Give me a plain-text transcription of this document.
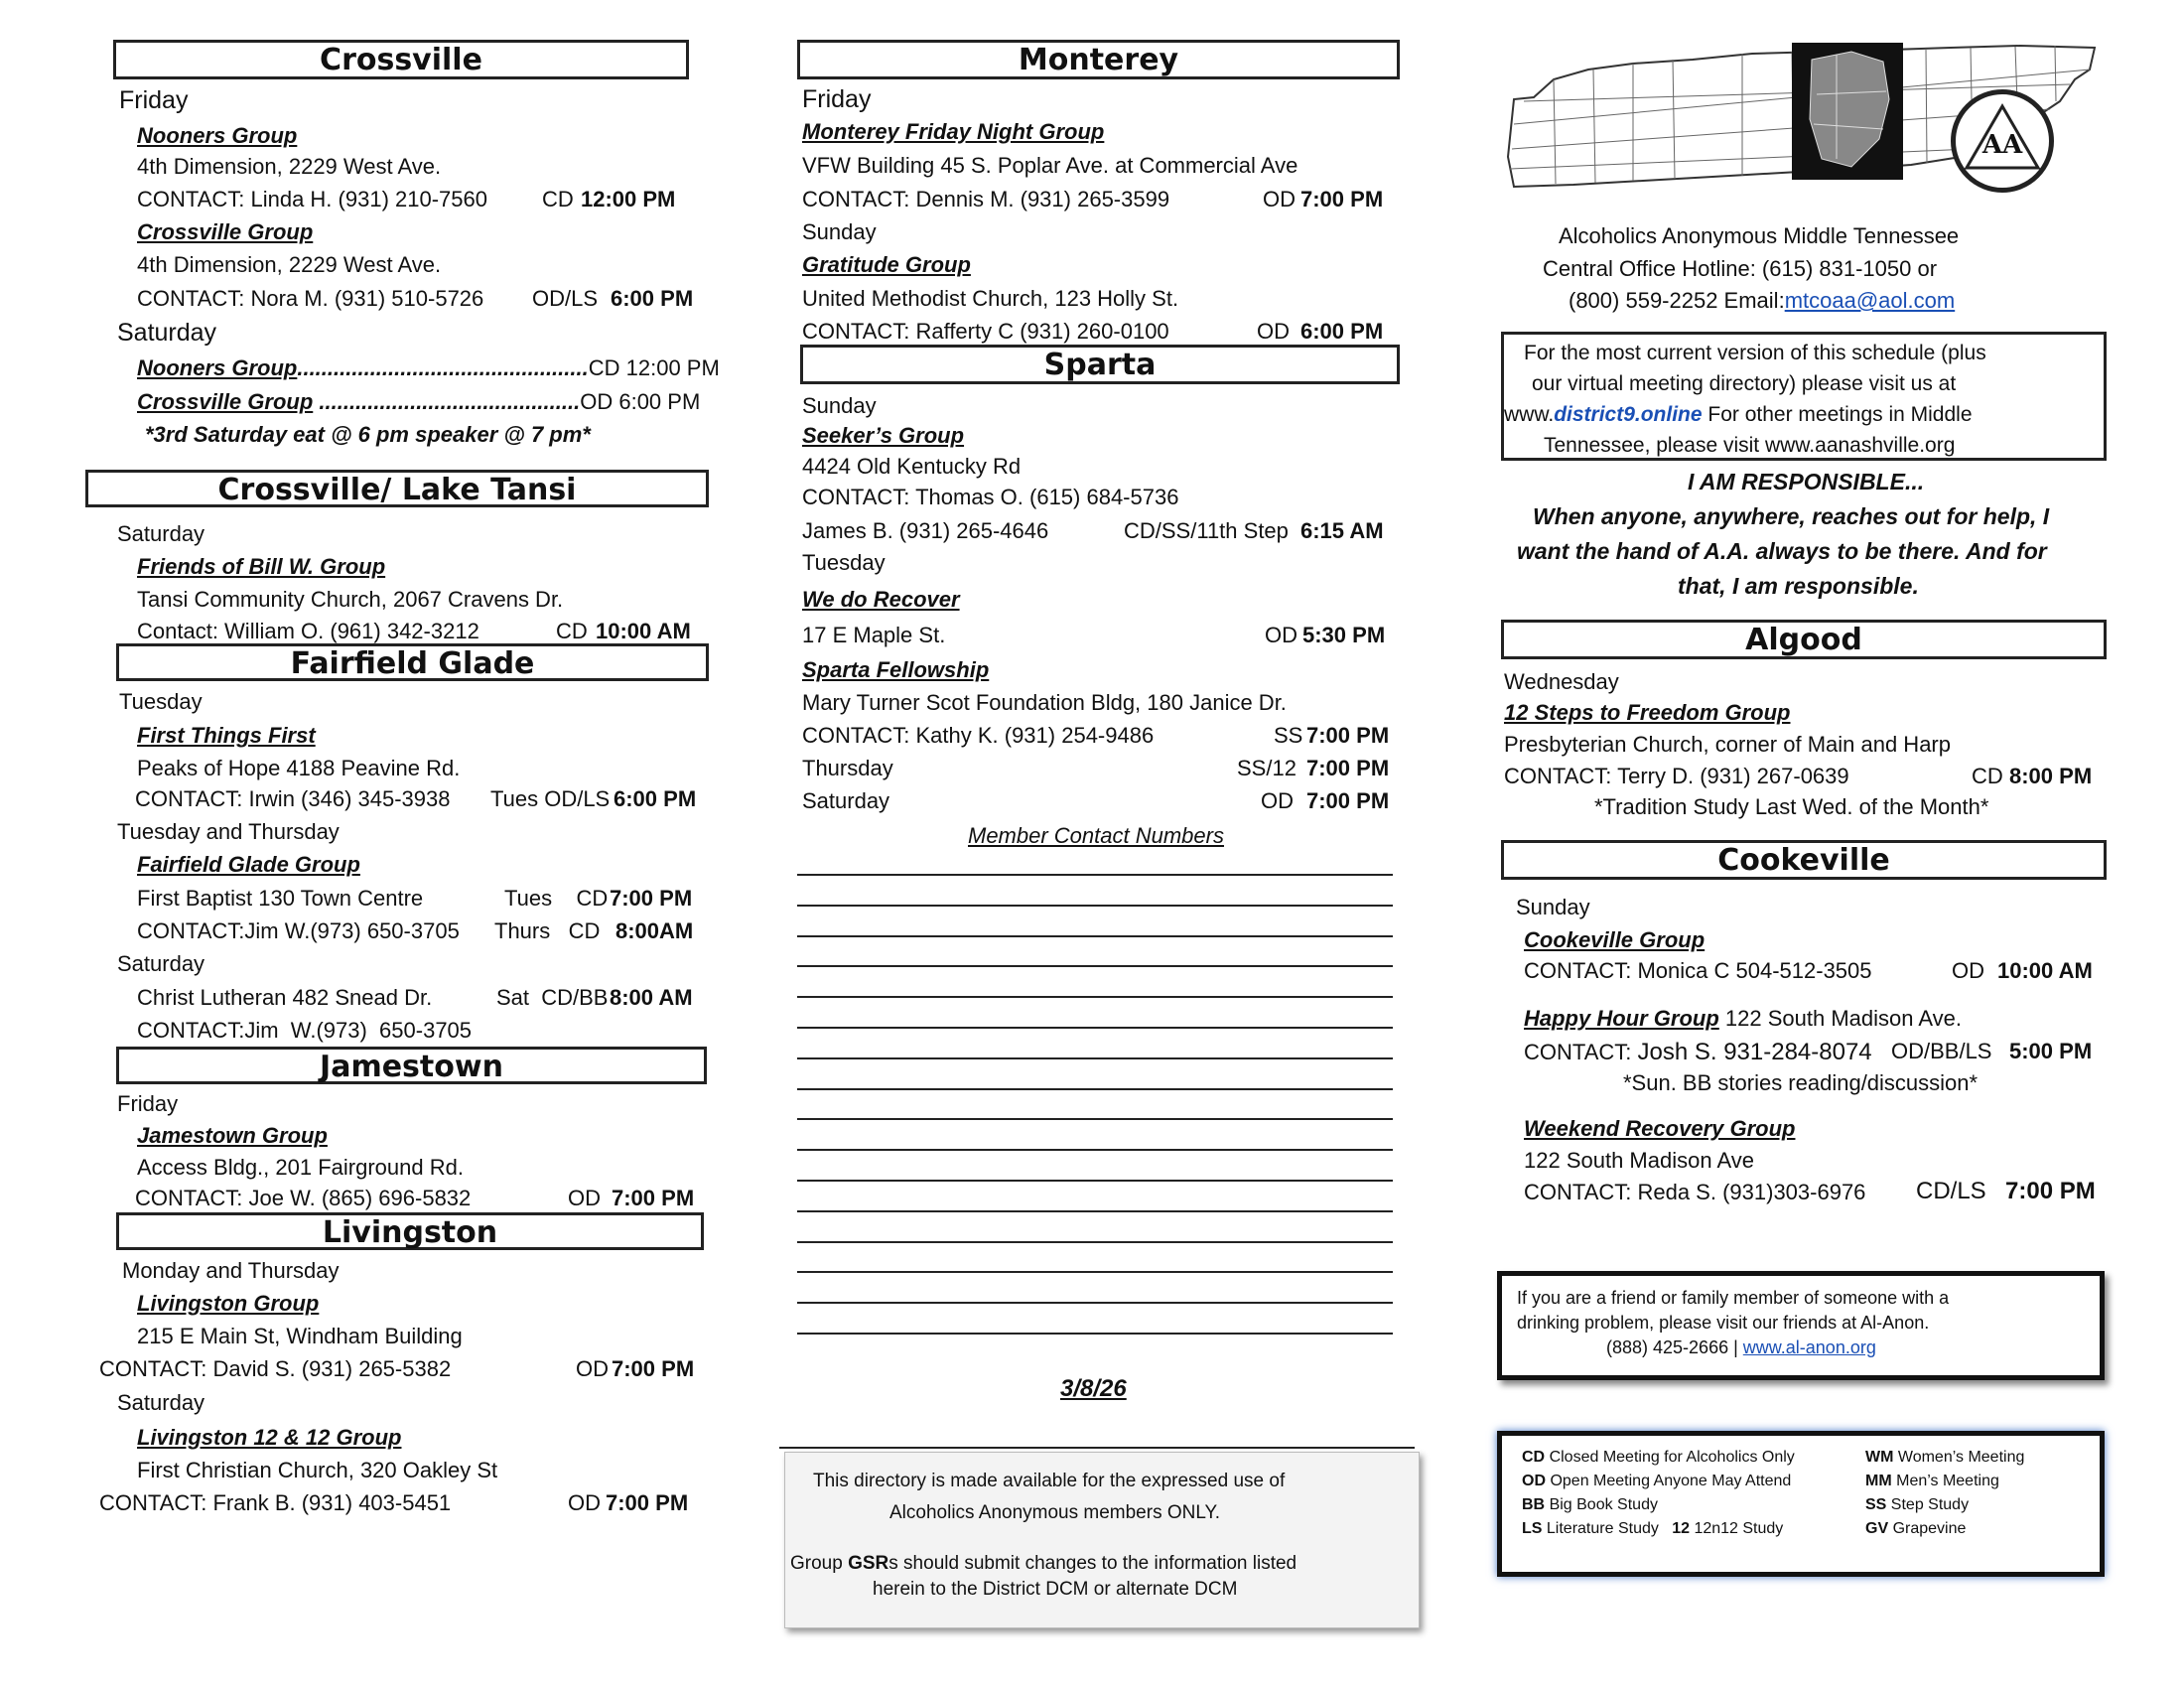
Crossville
Friday
Nooners Group
4th Dimension, 2229 West Ave.
CONTACT: Linda H. (931) 210-7560	CD 12:00 PM
Crossville Group
4th Dimension, 2229 West Ave.
CONTACT: Nora M. (931) 510-5726 OD/LS 6:00 PM
Saturday
Nooners Group................................................CD 12:00 PM
Crossville Group ...........................................OD 6:00 PM
*3rd Saturday eat @ 6 pm speaker @ 7 pm*
Crossville/ Lake Tansi
Saturday
Friends of Bill W. Group
Tansi Community Church, 2067 Cravens Dr.
Contact: William O. (961) 342-3212	CD 10:00 AM
Fairfield Glade
Tuesday
First Things First
Peaks of Hope 4188 Peavine Rd.
CONTACT: Irwin (346) 345-3938 Tues OD/LS 6:00 PM
Tuesday and Thursday
Fairfield Glade Group
First Baptist 130 Town Centre	Tues    CD 7:00 PM
CONTACT:Jim W.(973) 650-3705 Thurs   CD 8:00AM
Saturday
Christ Lutheran 482 Snead Dr.	Sat  CD/BB 8:00 AM
CONTACT:Jim  W.(973)  650-3705
Jamestown
Friday
Jamestown Group
Access Bldg., 201 Fairground Rd.
CONTACT: Joe W. (865) 696-5832	OD 7:00 PM
Livingston
Monday and Thursday
Livingston Group
215 E Main St, Windham Building
CONTACT: David S. (931) 265-5382	OD 7:00 PM
Saturday
Livingston 12 & 12 Group
First Christian Church, 320 Oakley St
CONTACT: Frank B. (931) 403-5451	OD 7:00 PM
Monterey
Friday
Monterey Friday Night Group
VFW Building 45 S. Poplar Ave. at Commercial Ave
CONTACT: Dennis M. (931) 265-3599	OD 7:00 PM
Sunday
Gratitude Group
United Methodist Church, 123 Holly St.
CONTACT: Rafferty C (931) 260-0100	OD 6:00 PM
Sparta
Sunday
Seeker’s Group
4424 Old Kentucky Rd
CONTACT: Thomas O. (615) 684-5736
James B. (931) 265-4646	CD/SS/11th Step 6:15 AM
Tuesday
We do Recover
17 E Maple St.	OD 5:30 PM
Sparta Fellowship
Mary Turner Scot Foundation Bldg, 180 Janice Dr.
CONTACT: Kathy K. (931) 254-9486	SS 7:00 PM
Thursday	SS/12 7:00 PM
Saturday	OD 7:00 PM
Member Contact Numbers
3/8/26
This directory is made available for the expressed use of
Alcoholics Anonymous members ONLY.
Group GSRs should submit changes to the information listed
herein to the District DCM or alternate DCM
AA
Alcoholics Anonymous Middle Tennessee
Central Office Hotline: (615) 831-1050 or
(800) 559-2252 Email:mtcoaa@aol.com
For the most current version of this schedule (plus
our virtual meeting directory) please visit us at
www.district9.online For other meetings in Middle
Tennessee, please visit www.aanashville.org
I AM RESPONSIBLE...
When anyone, anywhere, reaches out for help, I
want the hand of A.A. always to be there. And for
that, I am responsible.
Algood
Wednesday
12 Steps to Freedom Group
Presbyterian Church, corner of Main and Harp
CONTACT: Terry D. (931) 267-0639	CD 8:00 PM
*Tradition Study Last Wed. of the Month*
Cookeville
Sunday
Cookeville Group
CONTACT: Monica C 504-512-3505	OD 10:00 AM
Happy Hour Group 122 South Madison Ave.
CONTACT: Josh S. 931-284-8074 OD/BB/LS 5:00 PM
*Sun. BB stories reading/discussion*
Weekend Recovery Group
122 South Madison Ave
CONTACT: Reda S. (931)303-6976 CD/LS 7:00 PM
If you are a friend or family member of someone with a
drinking problem, please visit our friends at Al-Anon.
(888) 425-2666 | www.al-anon.org
CD Closed Meeting for Alcoholics Only	WM Women’s Meeting
OD Open Meeting Anyone May Attend	MM Men’s Meeting
BB Big Book Study	SS Step Study
LS Literature Study   12 12n12 Study	GV Grapevine
